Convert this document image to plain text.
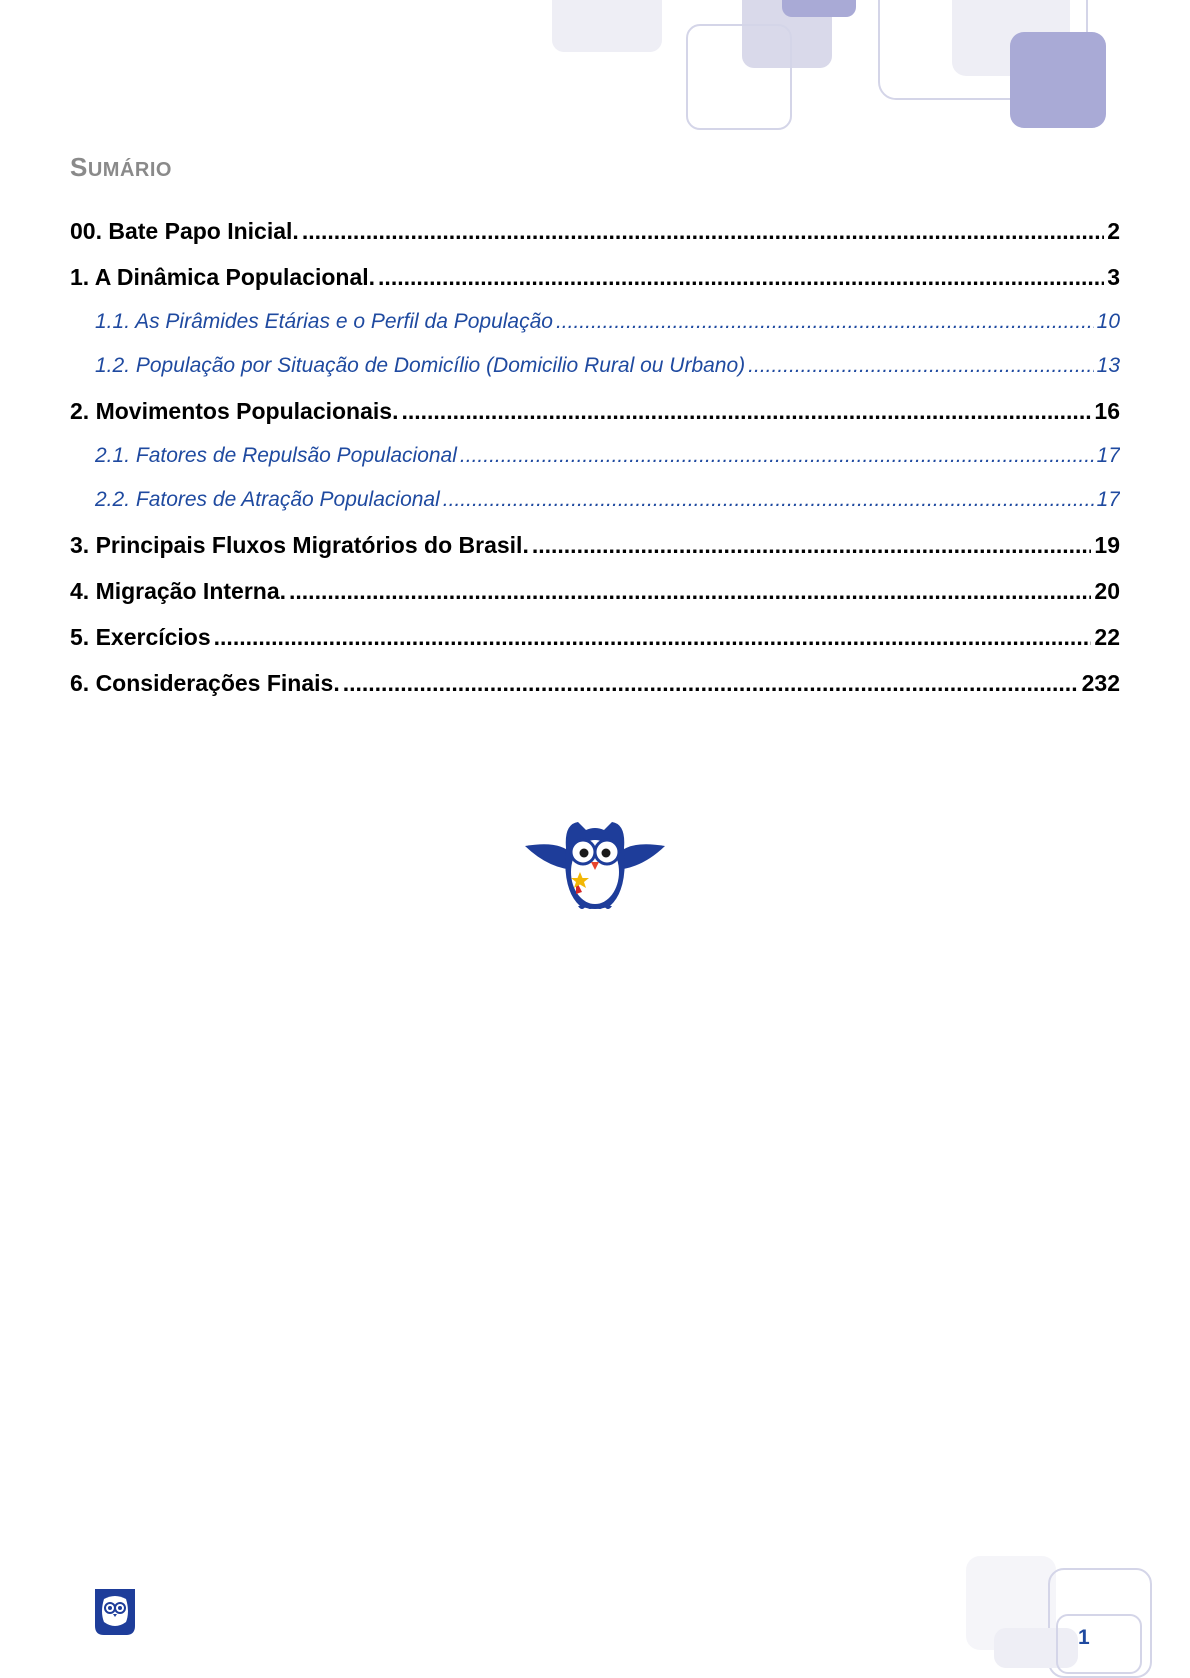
SUMÁRIO
00. Bate Papo Inicial. .....	2
1. A Dinâmica Populacional. .....	3
1.1. As Pirâmides Etárias e o Perfil da População .....	10
1.2. População por Situação de Domicílio (Domicilio Rural ou Urbano) .....	13
2. Movimentos Populacionais. .....	16
2.1. Fatores de Repulsão Populacional .....	17
2.2. Fatores de Atração Populacional .....	17
3. Principais Fluxos Migratórios do Brasil. .....	19
4. Migração Interna. .....	20
5. Exercícios .....	22
6. Considerações Finais. .....	232
1
